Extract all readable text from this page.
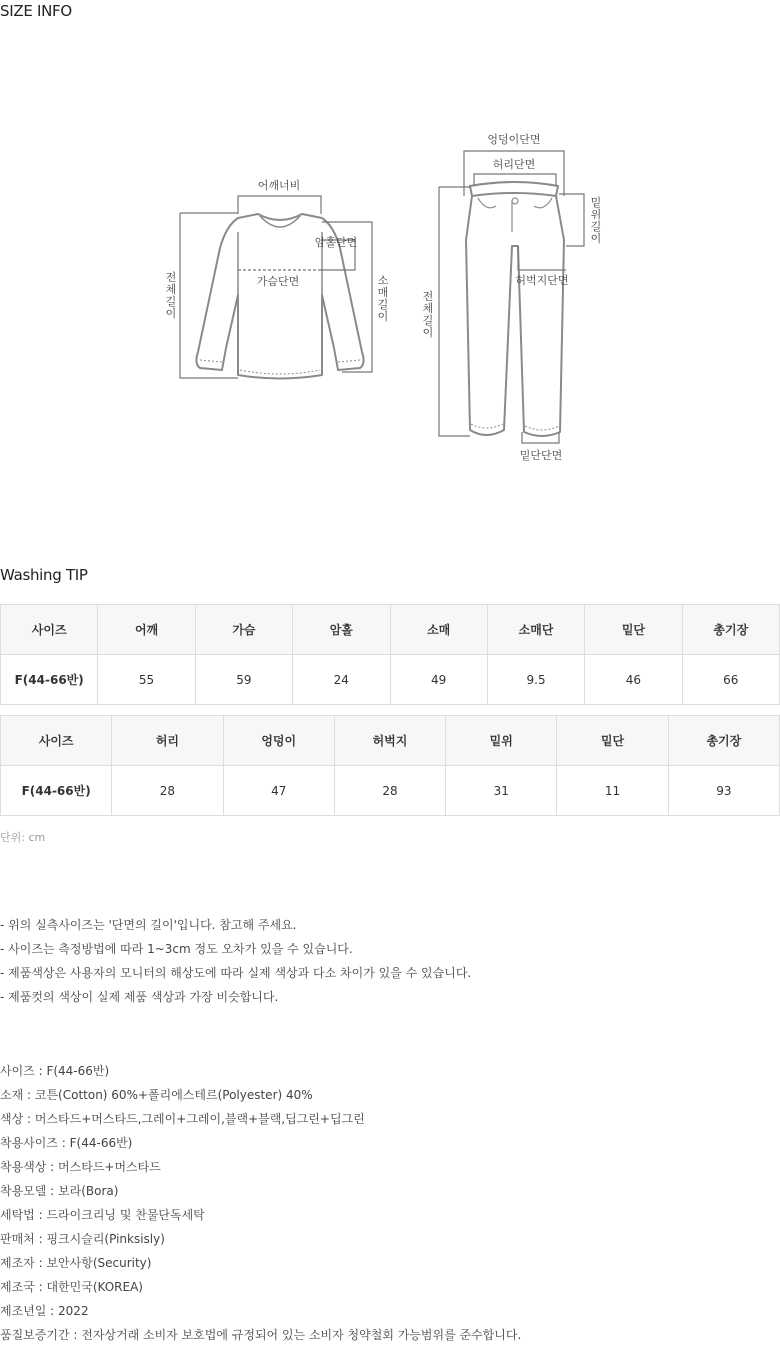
SIZE INFO
어깨너비
암홀단면
가슴단면
전
체
길
이
소
매
길
이
엉덩이단면
허리단면
밑
위
길
이
허벅지단면
전
체
길
이
밑단단면
Washing TIP
사이즈	어깨	가슴	암홀	소매	소매단	밑단	총기장
F(44-66반)	55	59	24	49	9.5	46	66
사이즈	허리	엉덩이	허벅지	밑위	밑단	총기장
F(44-66반)	28	47	28	31	11	93
단위: cm
- 위의 실측사이즈는 '단면의 길이'입니다. 참고해 주세요.
- 사이즈는 측정방법에 따라 1~3cm 정도 오차가 있을 수 있습니다.
- 제품색상은 사용자의 모니터의 해상도에 따라 실제 색상과 다소 차이가 있을 수 있습니다.
- 제품컷의 색상이 실제 제품 색상과 가장 비슷합니다.
사이즈 : F(44-66반)
소재 : 코튼(Cotton) 60%+폴리에스테르(Polyester) 40%
색상 : 머스타드+머스타드,그레이+그레이,블랙+블랙,딥그린+딥그린
착용사이즈 : F(44-66반)
착용색상 : 머스타드+머스타드
착용모델 : 보라(Bora)
세탁법 : 드라이크리닝 및 찬물단독세탁
판매처 : 핑크시슬리(Pinksisly)
제조자 : 보안사항(Security)
제조국 : 대한민국(KOREA)
제조년일 : 2022
품질보증기간 : 전자상거래 소비자 보호법에 규정되어 있는 소비자 청약철회 가능범위를 준수합니다.
